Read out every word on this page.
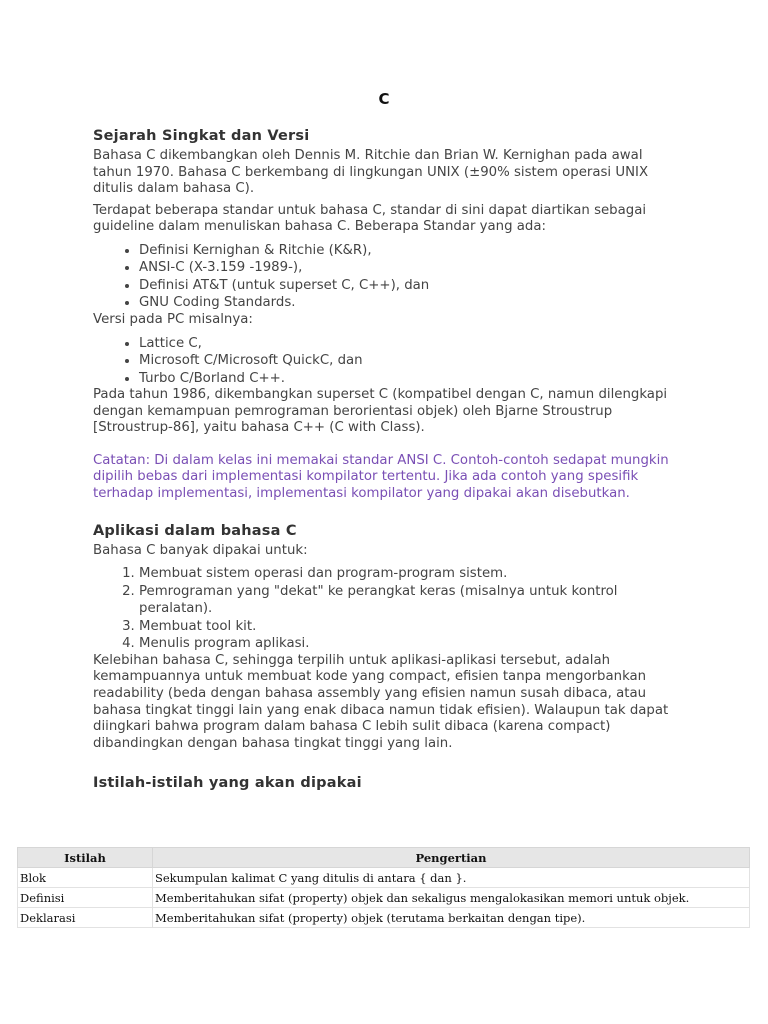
C
Sejarah Singkat dan Versi

Bahasa C dikembangkan oleh Dennis M. Ritchie dan Brian W. Kernighan pada awal tahun 1970. Bahasa C berkembang di lingkungan UNIX (±90% sistem operasi UNIX ditulis dalam bahasa C).

Terdapat beberapa standar untuk bahasa C, standar di sini dapat diartikan sebagai guideline dalam menuliskan bahasa C. Beberapa Standar yang ada:

• Definisi Kernighan & Ritchie (K&R),
• ANSI-C (X-3.159 -1989-),
• Definisi AT&T (untuk superset C, C++), dan
• GNU Coding Standards.

Versi pada PC misalnya:

• Lattice C,
• Microsoft C/Microsoft QuickC, dan
• Turbo C/Borland C++.

Pada tahun 1986, dikembangkan superset C (kompatibel dengan C, namun dilengkapi dengan kemampuan pemrograman berorientasi objek) oleh Bjarne Stroustrup [Stroustrup-86], yaitu bahasa C++ (C with Class).

Catatan: Di dalam kelas ini memakai standar ANSI C. Contoh-contoh sedapat mungkin dipilih bebas dari implementasi kompilator tertentu. Jika ada contoh yang spesifik terhadap implementasi, implementasi kompilator yang dipakai akan disebutkan.

Aplikasi dalam bahasa C

Bahasa C banyak dipakai untuk:

1. Membuat sistem operasi dan program-program sistem.
2. Pemrograman yang "dekat" ke perangkat keras (misalnya untuk kontrol peralatan).
3. Membuat tool kit.
4. Menulis program aplikasi.

Kelebihan bahasa C, sehingga terpilih untuk aplikasi-aplikasi tersebut, adalah kemampuannya untuk membuat kode yang compact, efisien tanpa mengorbankan readability (beda dengan bahasa assembly yang efisien namun susah dibaca, atau bahasa tingkat tinggi lain yang enak dibaca namun tidak efisien). Walaupun tak dapat diingkari bahwa program dalam bahasa C lebih sulit dibaca (karena compact) dibandingkan dengan bahasa tingkat tinggi yang lain.

Istilah-istilah yang akan dipakai
Istilah	Pengertian
Blok	Sekumpulan kalimat C yang ditulis di antara { dan }.
Definisi	Memberitahukan sifat (property) objek dan sekaligus mengalokasikan memori untuk objek.
Deklarasi	Memberitahukan sifat (property) objek (terutama berkaitan dengan tipe).
